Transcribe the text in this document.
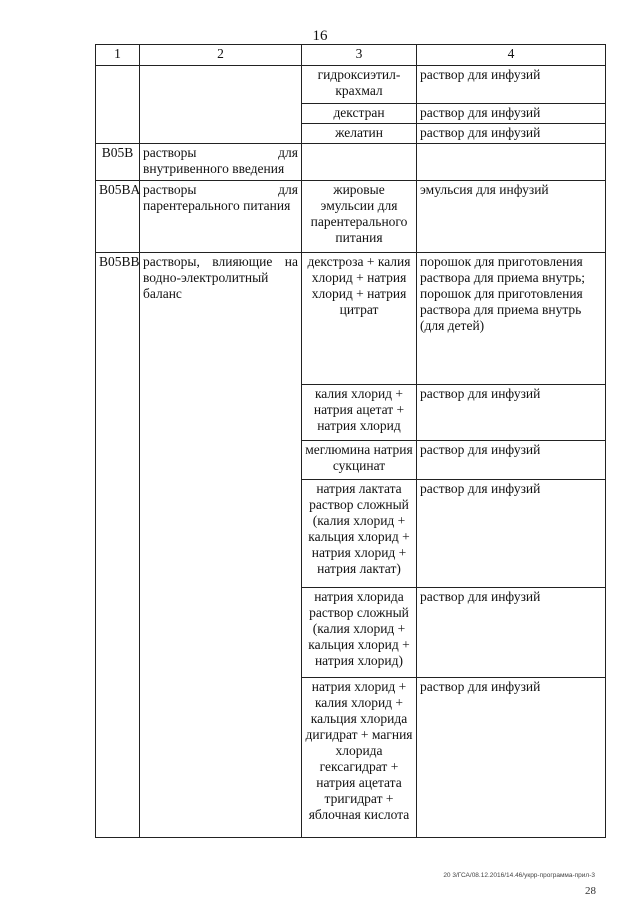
16
1	2	3	4
		гидроксиэтил-крахмал	раствор для инфузий
		декстран	раствор для инфузий
		желатин	раствор для инфузий
B05B	растворы для внутривенного введения		
B05BA	растворы для парентерального питания	жировые эмульсии для парентерального питания	эмульсия для инфузий
B05BB	растворы, влияющие на водно-электролитный баланс	декстроза + калия хлорид + натрия хлорид + натрия цитрат	порошок для приготовления раствора для приема внутрь;
порошок для приготовления раствора для приема внутрь (для детей)

		калия хлорид + натрия ацетат + натрия хлорид	раствор для инфузий
		меглюмина натрия сукцинат	раствор для инфузий
		натрия лактата раствор сложный (калия хлорид + кальция хлорид + натрия хлорид + натрия лактат)	раствор для инфузий
		натрия хлорида раствор сложный (калия хлорид + кальция хлорид + натрия хлорид)	раствор для инфузий
		натрия хлорид + калия хлорид + кальция хлорида дигидрат + магния хлорида гексагидрат + натрия ацетата тригидрат + яблочная кислота	раствор для инфузий
20 3/ГСА/08.12.2016/14.46/укрр-программа-прил-3
28
